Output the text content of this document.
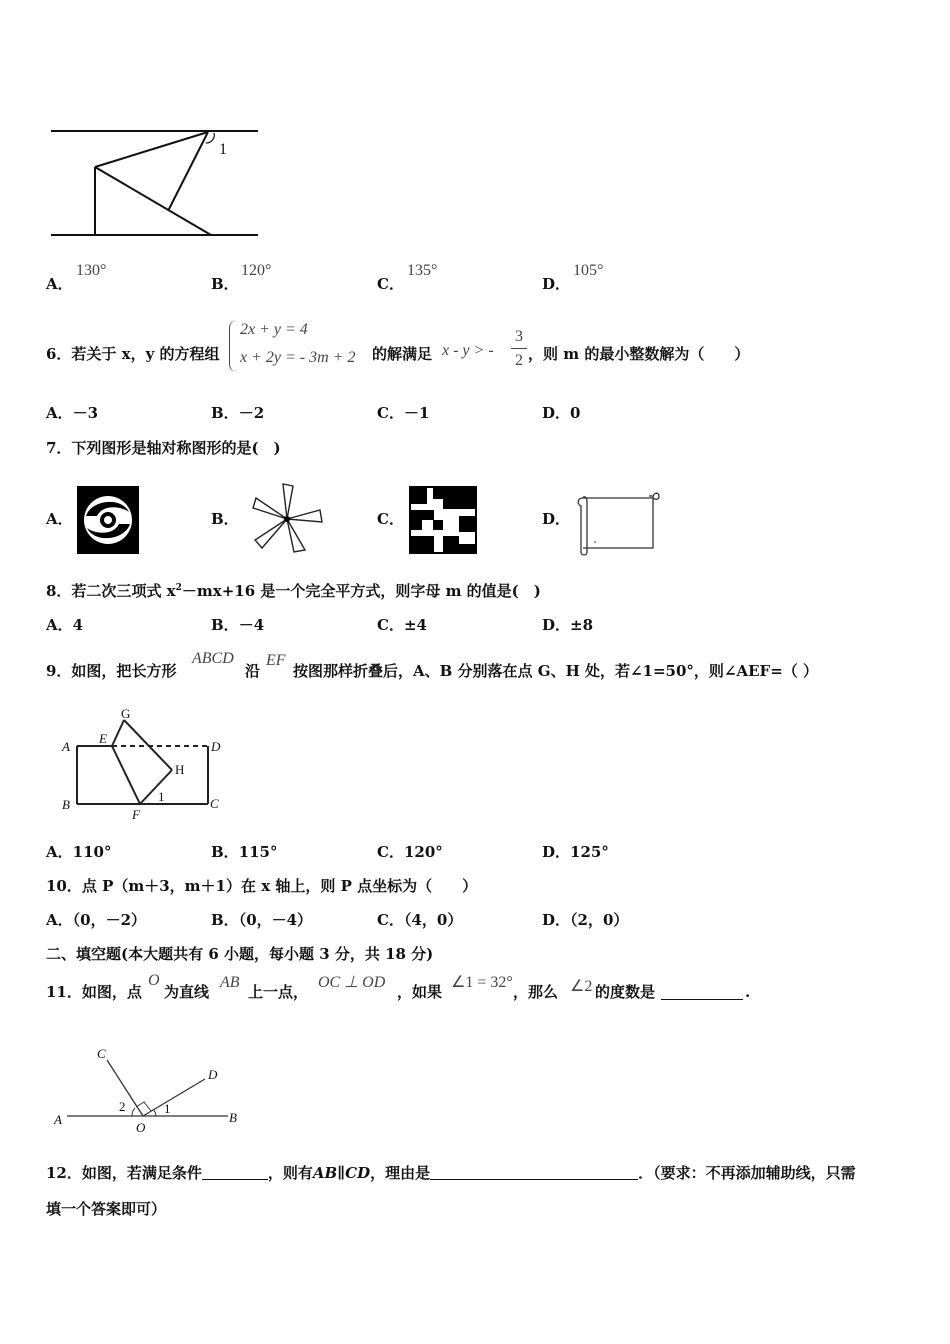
1
A．
130°
B．
120°
C．
135°
D．
105°
6．若关于 x，y 的方程组
2x + y = 4
x + 2y = - 3m + 2 的解满足 x - y > -
3
2 ，则 m 的最小整数解为（　　）
A．－3	B．－2	C．－1	D．0
7．下列图形是轴对称图形的是(　)
A．	B．	C．	D．
8．若二次三项式 $x^2-mx+16$ 是一个完全平方式，则字母 m 的值是(　)
A．4	B．－4	C．±4	D．±8
9．如图，把长方形
ABCD
沿
EF
按图那样折叠后，A、B 分别落在点 G、H 处，若∠1=50°，则∠AEF=（ ）
A
B	C
D
E
F
G
H
1
A．110°	B．115°	C．120°	D．125°
10．点 P（m＋3，m＋1）在 x 轴上，则 P 点坐标为（　　）
A．（0，－2）	B．（0，－4）	C．（4，0）	D．（2，0）
二、填空题(本大题共有 6 小题，每小题 3 分，共 18 分)
11．如图，点
O
为直线
AB
上一点，
OC ⊥ OD
，如果
∠1 = 32°
，那么 ∠2 的度数是	.
A	B
C
D
O
1
2
12．如图，若满足条件	，则有AB∥CD，理由是	．（要求：不再添加辅助线，只需
填一个答案即可）
